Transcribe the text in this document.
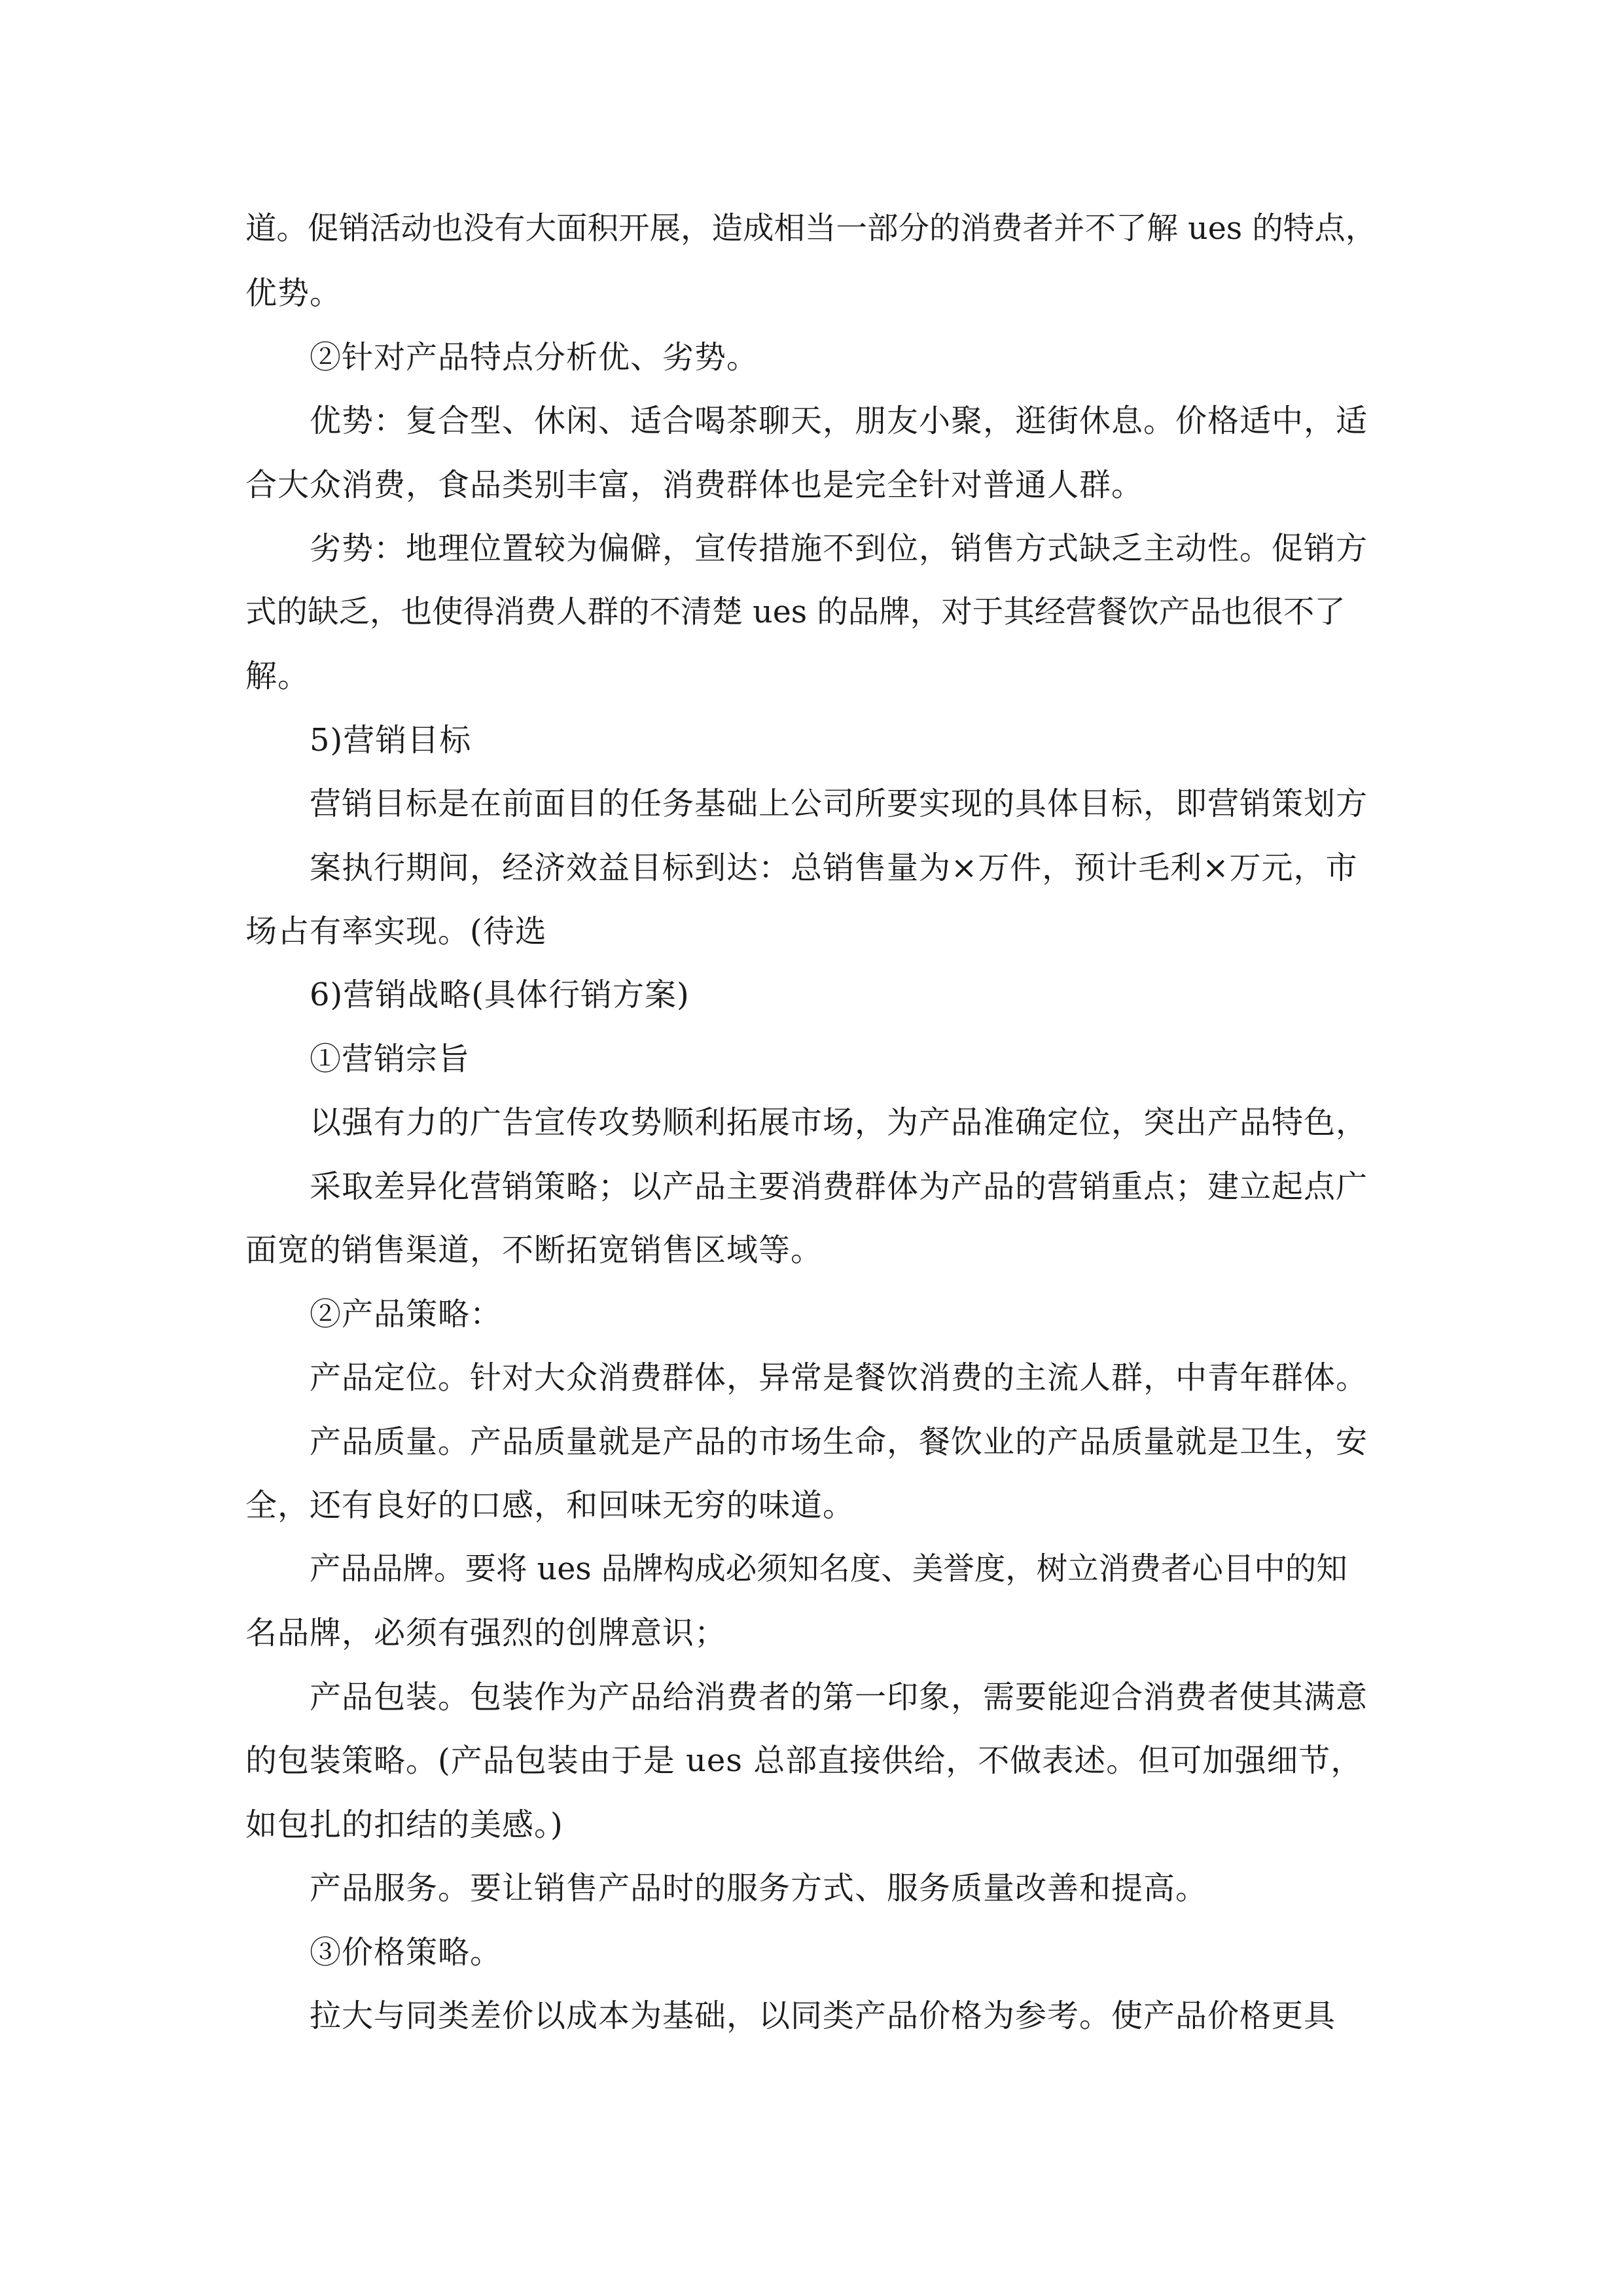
道。促销活动也没有大面积开展，造成相当一部分的消费者并不了解 ues 的特点，
优势。
②针对产品特点分析优、劣势。
优势：复合型、休闲、适合喝茶聊天，朋友小聚，逛街休息。价格适中，适
合大众消费，食品类别丰富，消费群体也是完全针对普通人群。
劣势：地理位置较为偏僻，宣传措施不到位，销售方式缺乏主动性。促销方
式的缺乏，也使得消费人群的不清楚 ues 的品牌，对于其经营餐饮产品也很不了
解。
5)营销目标
营销目标是在前面目的任务基础上公司所要实现的具体目标，即营销策划方
案执行期间，经济效益目标到达：总销售量为×万件，预计毛利×万元，市
场占有率实现。(待选
6)营销战略(具体行销方案)
①营销宗旨
以强有力的广告宣传攻势顺利拓展市场，为产品准确定位，突出产品特色，
采取差异化营销策略；以产品主要消费群体为产品的营销重点；建立起点广
面宽的销售渠道，不断拓宽销售区域等。
②产品策略：
产品定位。针对大众消费群体，异常是餐饮消费的主流人群，中青年群体。
产品质量。产品质量就是产品的市场生命，餐饮业的产品质量就是卫生，安
全，还有良好的口感，和回味无穷的味道。
产品品牌。要将 ues 品牌构成必须知名度、美誉度，树立消费者心目中的知
名品牌，必须有强烈的创牌意识；
产品包装。包装作为产品给消费者的第一印象，需要能迎合消费者使其满意
的包装策略。(产品包装由于是 ues 总部直接供给，不做表述。但可加强细节，
如包扎的扣结的美感。)
产品服务。要让销售产品时的服务方式、服务质量改善和提高。
③价格策略。
拉大与同类差价以成本为基础，以同类产品价格为参考。使产品价格更具
